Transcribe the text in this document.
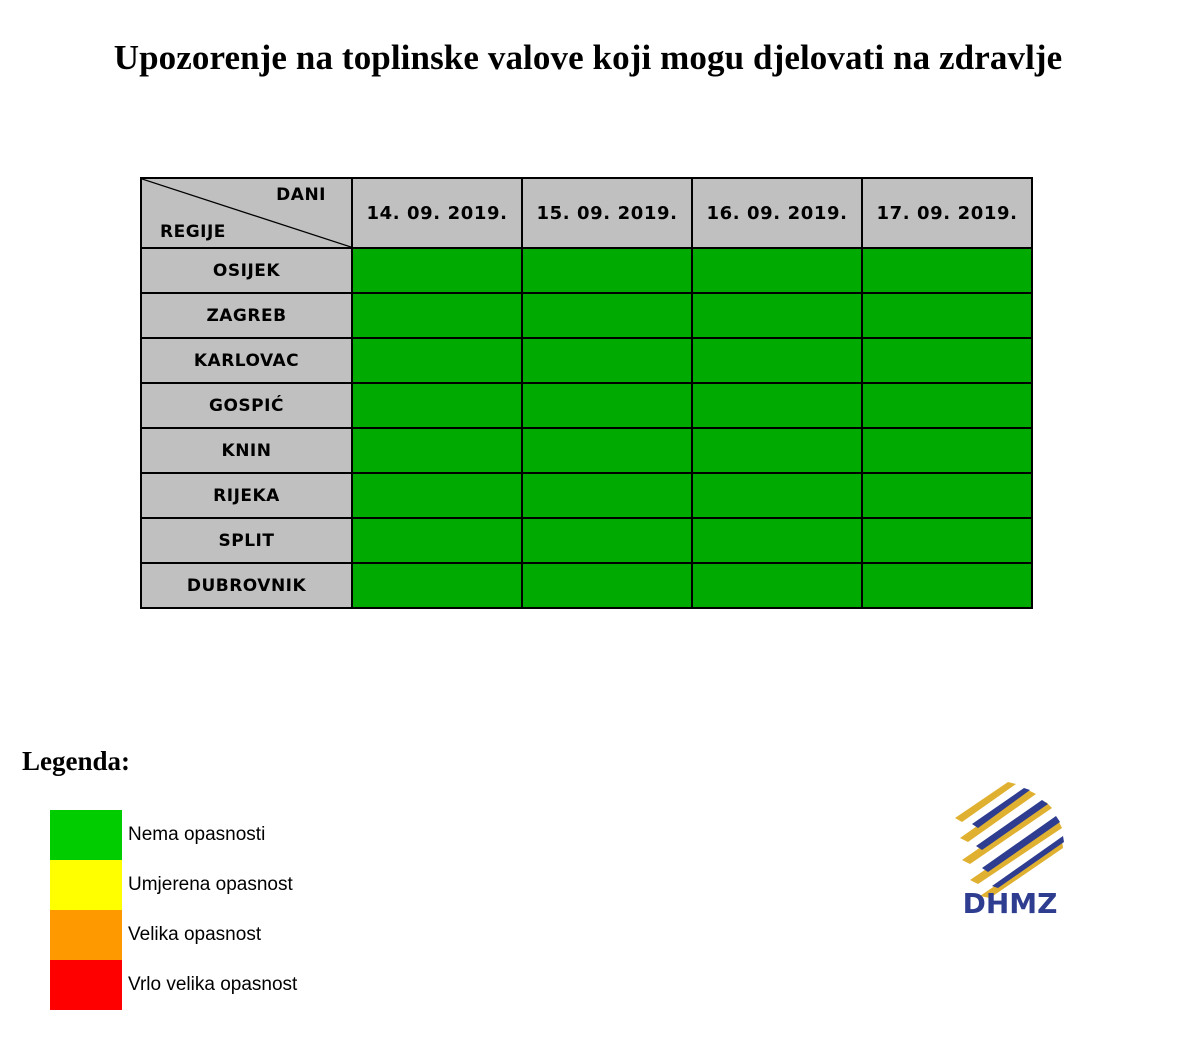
Upozorenje na toplinske valove koji mogu djelovati na zdravlje
DANI
REGIJE	14. 09. 2019.	15. 09. 2019.	16. 09. 2019.	17. 09. 2019.
OSIJEK				
ZAGREB				
KARLOVAC				
GOSPIĆ				
KNIN				
RIJEKA				
SPLIT				
DUBROVNIK				
Legenda:
Nema opasnosti
Umjerena opasnost
Velika opasnost
Vrlo velika opasnost
DHMZ
